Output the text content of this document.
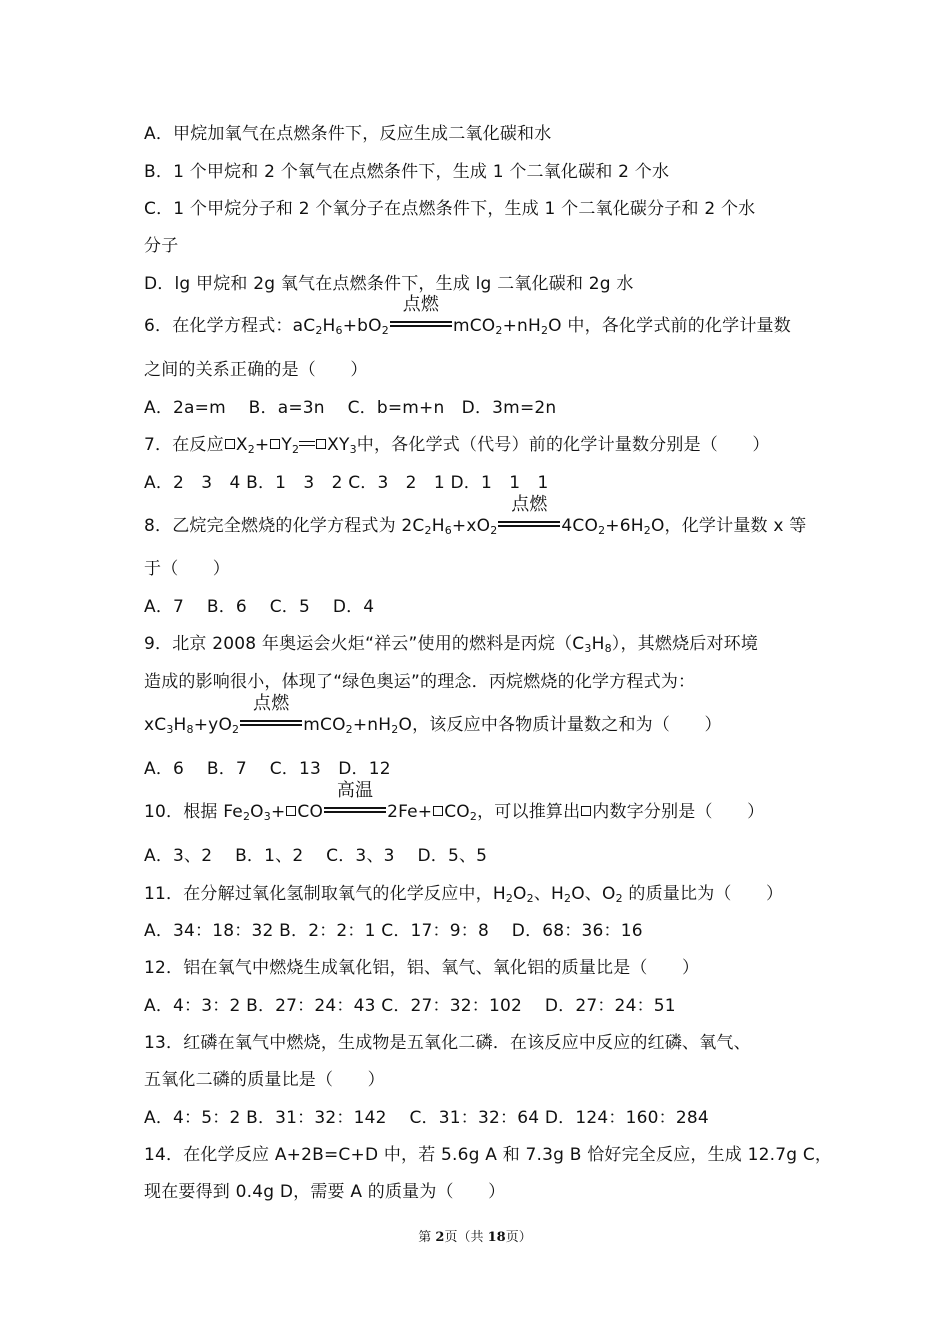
A．甲烷加氧气在点燃条件下，反应生成二氧化碳和水
B．1 个甲烷和 2 个氧气在点燃条件下，生成 1 个二氧化碳和 2 个水
C．1 个甲烷分子和 2 个氧分子在点燃条件下，生成 1 个二氧化碳分子和 2 个水
分子
D．lg 甲烷和 2g 氧气在点燃条件下，生成 lg 二氧化碳和 2g 水
6．在化学方程式：$aC_2H_6+bO_2$
点燃
$mCO_2+nH_2O$ 中，各化学式前的化学计量数
之间的关系正确的是（　　）
A．2a=m　 B．a=3n　 C．b=m+n　D．3m=2n
7．在反应 $X_2+ Y_2$ $XY_3$中，各化学式（代号）前的化学计量数分别是（　　）
A．2　3　4 B．1　3　2 C．3　2　1 D．1　1　1
8．乙烷完全燃烧的化学方程式为 $2C_2H_6+xO_2$
点燃
$4CO_2+6H_2O$，化学计量数 x 等
于（　　）
A．7　 B．6　 C．5　 D．4
9．北京 2008 年奥运会火炬“祥云”使用的燃料是丙烷$(C_3H_8)$，其燃烧后对环境
造成的影响很小，体现了“绿色奥运”的理念．丙烷燃烧的化学方程式为：
$xC_3H_8+yO_2$
点燃
$mCO_2+nH_2O$，该反应中各物质计量数之和为（　　）
A．6　 B．7　 C．13　D．12
10．根据 $Fe_2O_3+$ CO
高温
$2Fe+ CO_2$，可以推算出 内数字分别是（　　）
A．3、2　 B．1、2　 C．3、3　 D．5、5
11．在分解过氧化氢制取氧气的化学反应中，$H_2O_2$、$H_2O$、$O_2$ 的质量比为（　　）
A．34：18：32 B．2：2：1 C．17：9：8　 D．68：36：16
12．铝在氧气中燃烧生成氧化铝，铝、氧气、氧化铝的质量比是（　　）
A．4：3：2 B．27：24：43 C．27：32：102　 D．27：24：51
13．红磷在氧气中燃烧，生成物是五氧化二磷．在该反应中反应的红磷、氧气、
五氧化二磷的质量比是（　　）
A．4：5：2 B．31：32：142　 C．31：32：64 D．124：160：284
14．在化学反应 A+2B=C+D 中，若 5.6g A 和 7.3g B 恰好完全反应，生成 12.7g C，
现在要得到 0.4g D，需要 A 的质量为（　　）
第 2页（共 18页）
